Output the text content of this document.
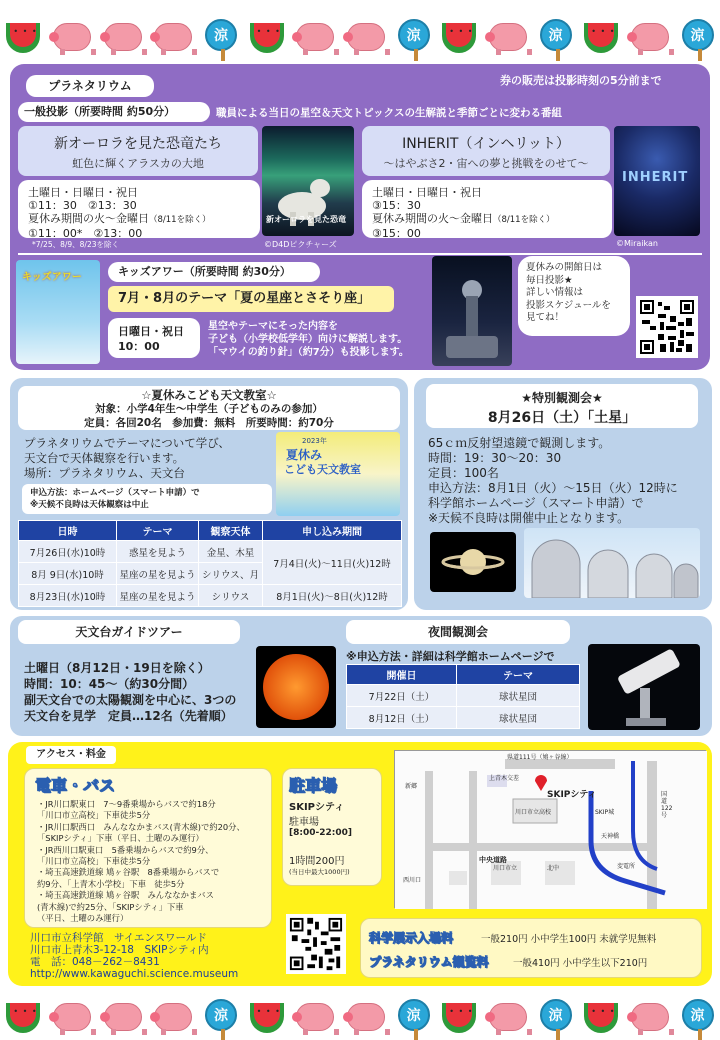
• • •
涼 • • •	涼 • • •	涼 • • •	涼
プラネタリウム	券の販売は投影時刻の5分前まで
一般投影（所要時間 約50分）	職員による当日の星空＆天文トピックスの生解説と季節ごとに変わる番組
新オーロラを見た恐竜たち
虹色に輝くアラスカの大地
土曜日・日曜日・祝日
①11：30　②13：30
夏休み期間の火～金曜日（8/11を除く）
①11：00*　②13：00
*7/25、8/9、8/23を除く
新オーロラを見た恐竜
©D4Dピクチャーズ
INHERIT（インヘリット）
～はやぶさ2・宙への夢と挑戦をのせて～
土曜日・日曜日・祝日
③15：30
夏休み期間の火～金曜日（8/11を除く）
③15：00
INHERIT
©Miraikan
キッズアワー	キッズアワー（所要時間 約30分）
7月・8月のテーマ「夏の星座とさそり座」
日曜日・祝日
10：00
星空やテーマにそった内容を
子ども（小学校低学年）向けに解説します。
「マウイの釣り針」（約7分）も投影します。
夏休みの開館日は
毎日投影★
詳しい情報は
投影スケジュールを
見てね！
☆夏休みこども天文教室☆
対象：小学4年生～中学生（子どものみの参加）
定員：各回20名　参加費：無料　所要時間：約70分
プラネタリウムでテーマについて学び、
天文台で天体観察を行います。
場所：プラネタリウム、天文台
申込方法：ホームページ（スマート申請）で
※天候不良時は天体観察は中止
2023年
夏休み
こども天文教室
日時	テーマ	観察天体	申し込み期間
7月26日(水)10時	惑星を見よう	金星、木星	7月4日(火)～11日(火)12時
8月 9日(水)10時	星座の星を見よう	シリウス、月	
8月23日(水)10時	星座の星を見よう	シリウス	8月1日(火)～8日(火)12時
★特別観測会★
8月26日（土）「土星」
65ｃｍ反射望遠鏡で観測します。
時間：19：30～20：30
定員：100名
申込方法：8月1日（火）～15日（火）12時に
科学館ホームページ（スマート申請）で
※天候不良時は開催中止となります。
天文台ガイドツアー
土曜日（8月12日・19日を除く）
時間：10：45～（約30分間）
副天文台での太陽観測を中心に、3つの
天文台を見学　定員…12名（先着順）
夜間観測会
※申込方法・詳細は科学館ホームページで
開催日	テーマ
7月22日（土）	球状星団
8月12日（土）	球状星団
アクセス・料金
電車・バス
・JR川口駅東口　7～9番乗場からバスで約18分
「川口市立高校」下車徒歩5分
・JR川口駅西口　みんななかまバス(青木線)で約20分、
「SKIPシティ」下車（平日、土曜のみ運行）
・JR西川口駅東口　5番乗場からバスで約9分、
「川口市立高校」下車徒歩5分
・埼玉高速鉄道線 鳩ヶ谷駅　8番乗場からバスで
約9分、「上青木小学校」下車　徒歩5分
・埼玉高速鉄道線 鳩ヶ谷駅　みんななかまバス
(青木線)で約25分、「SKIPシティ」下車
（平日、土曜のみ運行）
駐車場
SKIPシティ
駐車場
[8:00-22:00]
1時間200円
(当日中最大1000円)
川口市立科学館　サイエンスワールド
川口市上青木3-12-18　SKIPシティ内
電　話：048－262－8431
http://www.kawaguchi.science.museum
SKIPシティ
県道111号（鳩ヶ谷線）
上青木交差
川口市立高校
新郷
国道122号
SKIP城
中央道路
天神橋
川口市立	北中	変電所
西川口
科学展示入場料	一般210円 小中学生100円 未就学児無料
プラネタリウム観覧料	一般410円 小中学生以下210円
• • •
涼 • • •	涼 • • •	涼 • • •	涼
